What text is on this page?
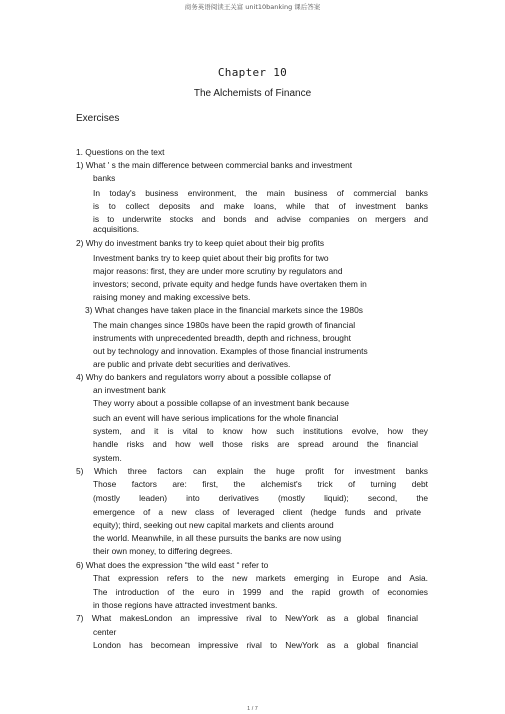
商务英语阅读王关富 unit10banking 课后答案
Chapter 10
The Alchemists of Finance
Exercises
1. Questions on the text
1) What ' s the main difference between commercial banks and investment
banks
In today's business environment, the main business of commercial banks
is to collect deposits and make loans, while that of investment banks
is to underwrite stocks and bonds and advise companies on mergers and
acquisitions.
2) Why do investment banks try to keep quiet about their big profits
Investment banks try to keep quiet about their big profits for two
major reasons: first, they are under more scrutiny by regulators and
investors; second, private equity and hedge funds have overtaken them in
raising money and making excessive bets.
3) What changes have taken place in the financial markets since the 1980s
The main changes since 1980s have been the rapid growth of financial
instruments with unprecedented breadth, depth and richness, brought
out by technology and innovation. Examples of those financial instruments
are public and private debt securities and derivatives.
4) Why do bankers and regulators worry about a possible collapse of
an investment bank
They worry about a possible collapse of an investment bank because
such an event will have serious implications for the whole financial
system, and it is vital to know how such institutions evolve, how they
handle risks and how well those risks are spread around the financial
system.
5) Which three factors can explain the huge profit for investment banks
Those factors are: first, the alchemist's trick of turning debt
(mostly leaden) into derivatives (mostly liquid); second, the
emergence of a new class of leveraged client (hedge funds and private
equity); third, seeking out new capital markets and clients around
the world. Meanwhile, in all these pursuits the banks are now using
their own money, to differing degrees.
6) What does the expression “the wild east “ refer to
That expression refers to the new markets emerging in Europe and Asia.
The introduction of the euro in 1999 and the rapid growth of economies
in those regions have attracted investment banks.
7) What makesLondon an impressive rival to NewYork as a global financial
center
London has becomean impressive rival to NewYork as a global financial
1 / 7
